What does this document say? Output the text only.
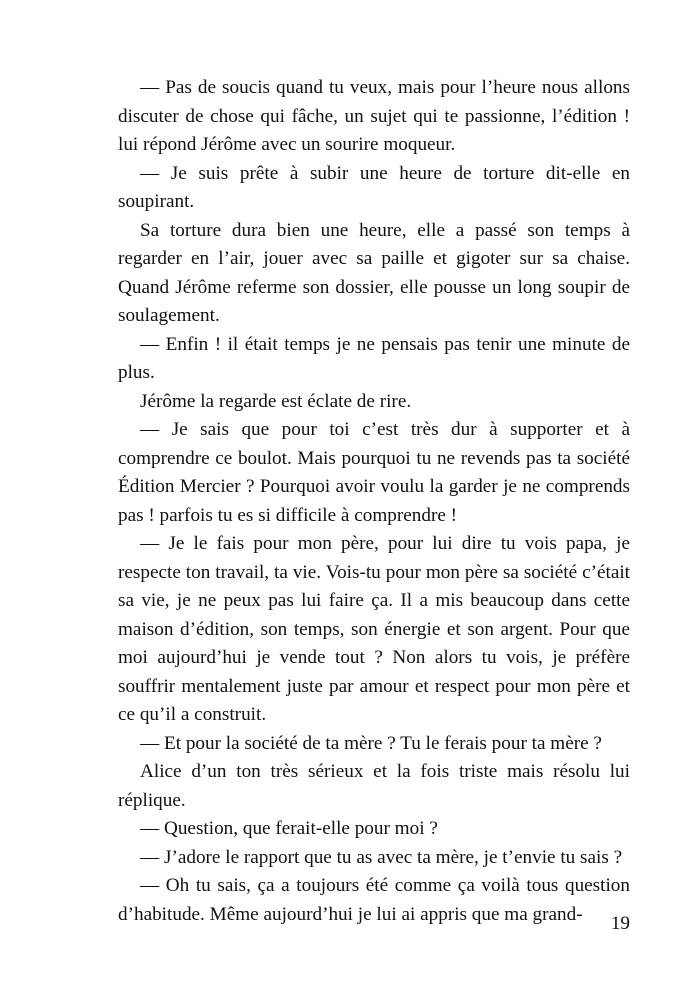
— Pas de soucis quand tu veux, mais pour l’heure nous allons discuter de chose qui fâche, un sujet qui te passionne, l’édition ! lui répond Jérôme avec un sourire moqueur.

— Je suis prête à subir une heure de torture dit-elle en soupirant.

Sa torture dura bien une heure, elle a passé son temps à regarder en l’air, jouer avec sa paille et gigoter sur sa chaise. Quand Jérôme referme son dossier, elle pousse un long soupir de soulagement.

— Enfin ! il était temps je ne pensais pas tenir une minute de plus.

Jérôme la regarde est éclate de rire.

— Je sais que pour toi c’est très dur à supporter et à comprendre ce boulot. Mais pourquoi tu ne revends pas ta société Édition Mercier ? Pourquoi avoir voulu la garder je ne comprends pas ! parfois tu es si difficile à comprendre !

— Je le fais pour mon père, pour lui dire tu vois papa, je respecte ton travail, ta vie. Vois-tu pour mon père sa société c’était sa vie, je ne peux pas lui faire ça. Il a mis beaucoup dans cette maison d’édition, son temps, son énergie et son argent. Pour que moi aujourd’hui je vende tout ? Non alors tu vois, je préfère souffrir mentalement juste par amour et respect pour mon père et ce qu’il a construit.

— Et pour la société de ta mère ? Tu le ferais pour ta mère ?

Alice d’un ton très sérieux et la fois triste mais résolu lui réplique.

— Question, que ferait-elle pour moi ?

— J’adore le rapport que tu as avec ta mère, je t’envie tu sais ?

— Oh tu sais, ça a toujours été comme ça voilà tous question d’habitude. Même aujourd’hui je lui ai appris que ma grand-	19
